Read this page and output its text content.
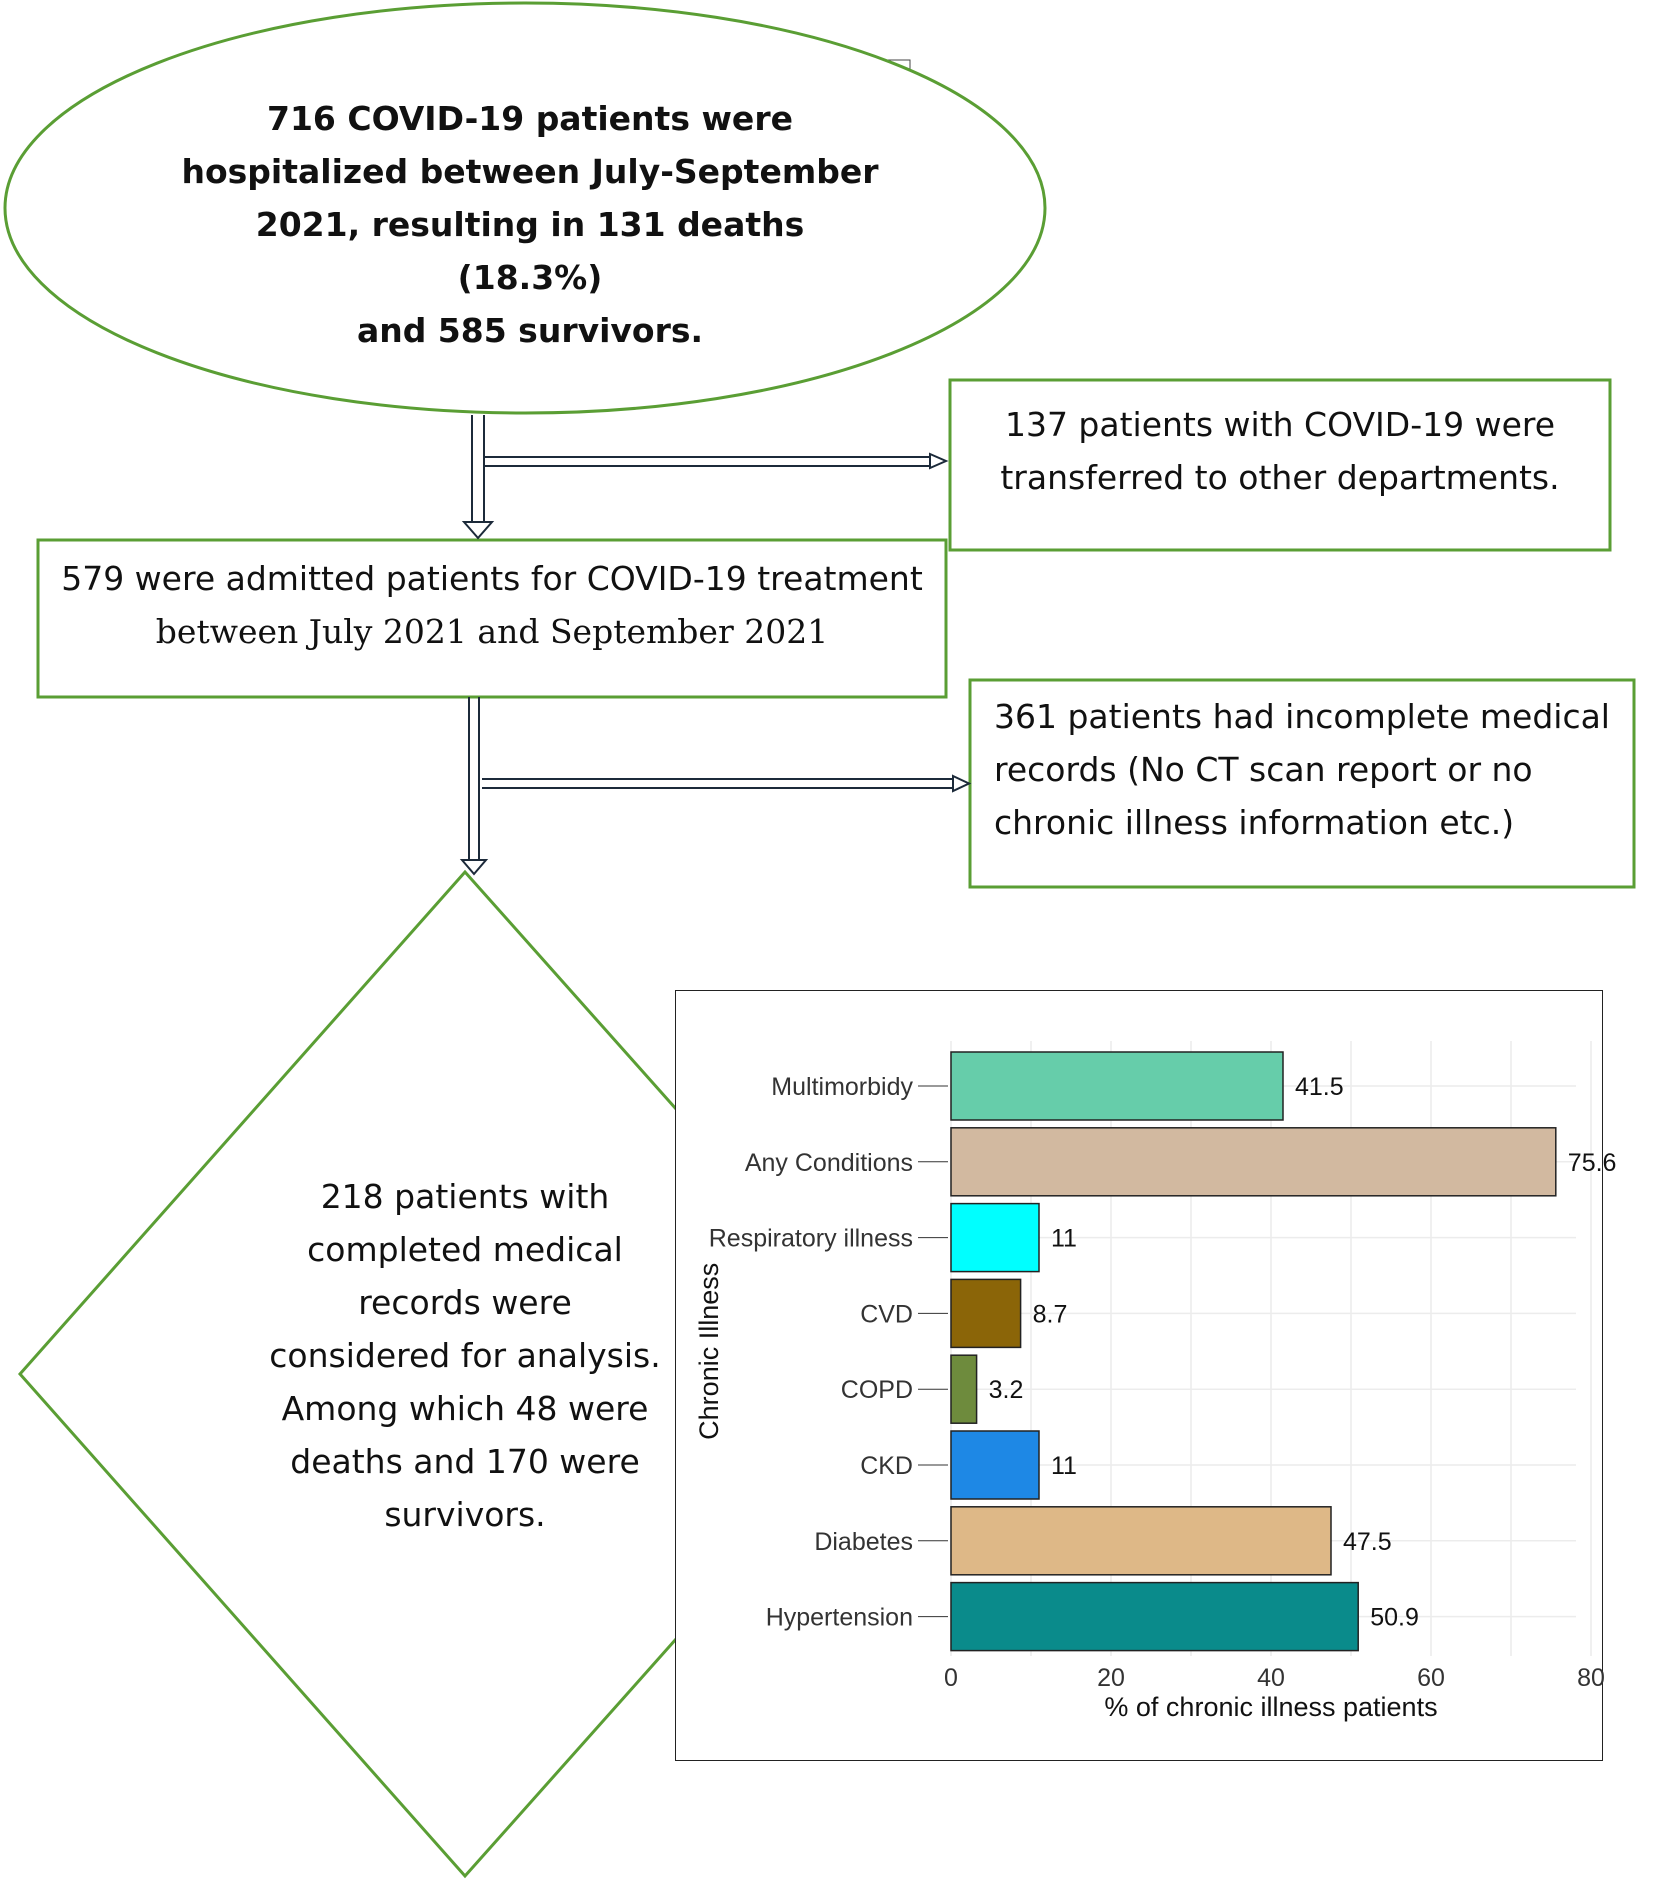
716 COVID-19 patients were
hospitalized between July-September
2021, resulting in 131 deaths (18.3%)
and 585 survivors.
137 patients with COVID-19 were
transferred to other departments.
579 were admitted patients for COVID-19 treatment
between July 2021 and September 2021
361 patients had incomplete medical
records (No CT scan report or no
chronic illness information etc.)
218 patients with
completed medical
records were
considered for analysis.
Among which 48 were
deaths and 170 were
survivors.
41.5
Multimorbidy
75.6
Any Conditions
11
Respiratory illness
8.7
CVD
3.2
COPD
11
CKD
47.5
Diabetes
50.9
Hypertension
0	20	40	60	80
% of chronic illness patients
Chronic Illness
